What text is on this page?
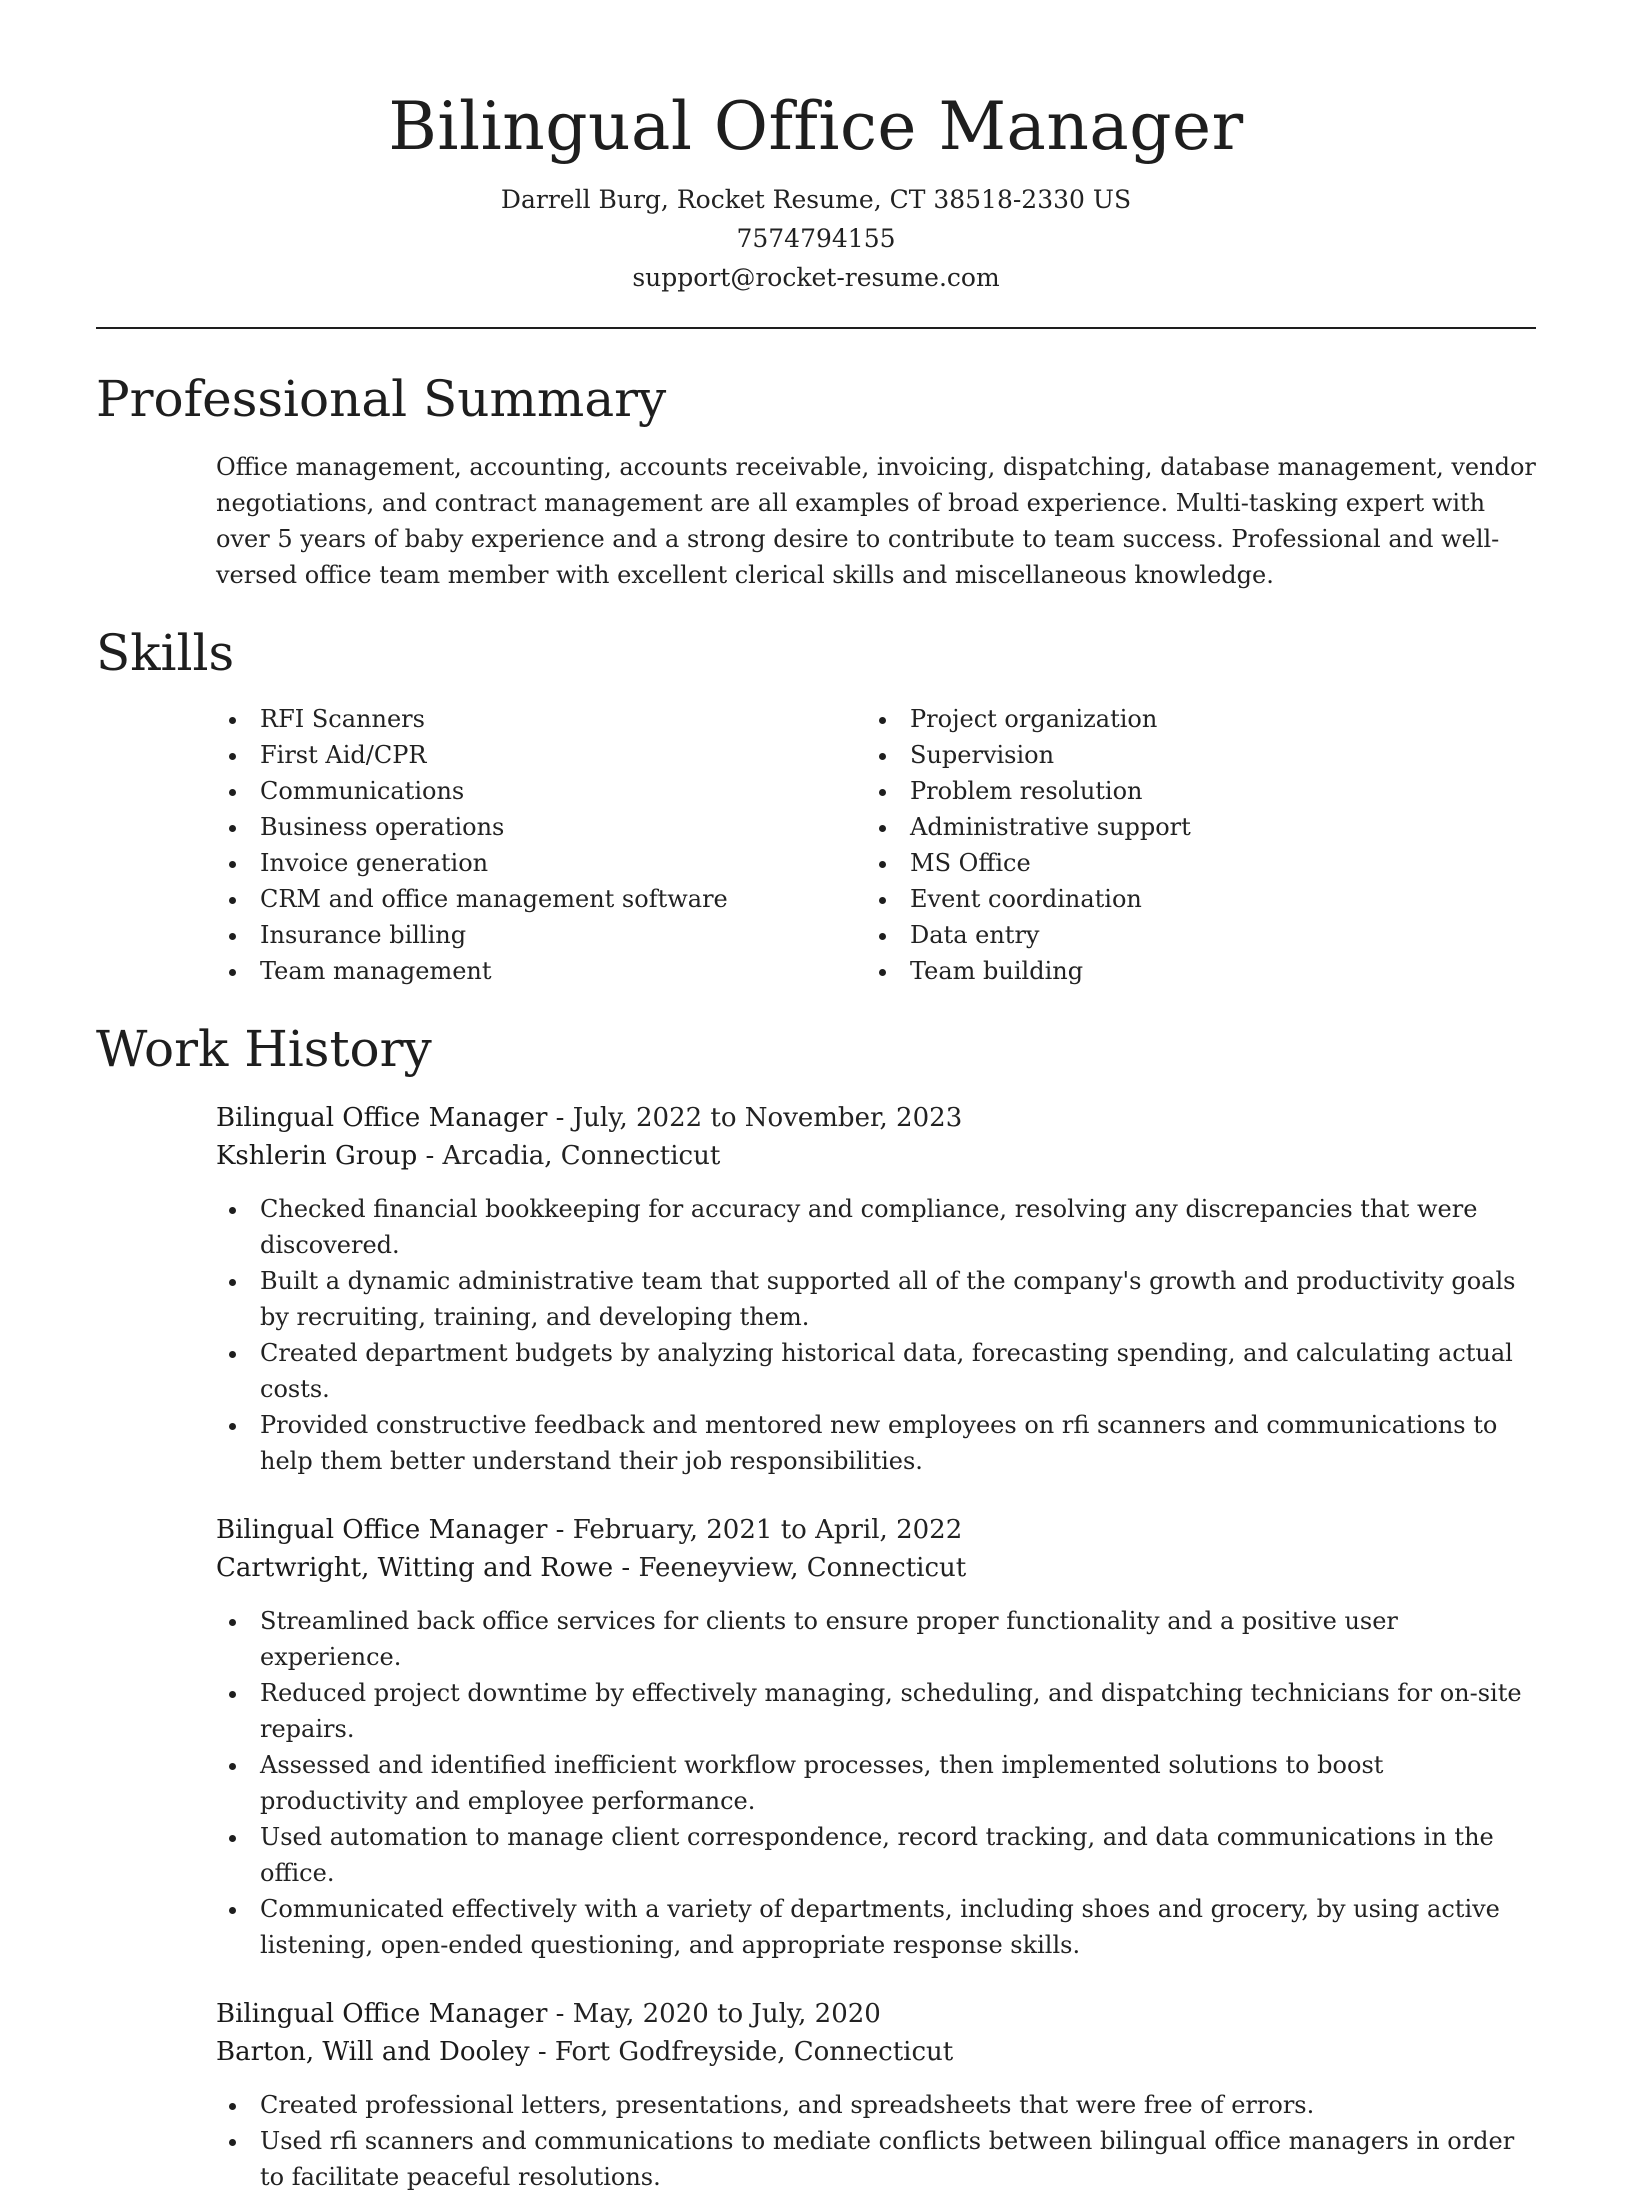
Bilingual Office Manager
Darrell Burg, Rocket Resume, CT 38518-2330 US
7574794155
support@rocket-resume.com
Professional Summary

Office management, accounting, accounts receivable, invoicing, dispatching, database management, vendor negotiations, and contract management are all examples of broad experience. Multi-tasking expert with over 5 years of baby experience and a strong desire to contribute to team success. Professional and well-versed office team member with excellent clerical skills and miscellaneous knowledge.

Skills
RFI Scanners
First Aid/CPR
Communications
Business operations
Invoice generation
CRM and office management software
Insurance billing
Team management
Project organization
Supervision
Problem resolution
Administrative support
MS Office
Event coordination
Data entry
Team building
Work History
Bilingual Office Manager - July, 2022 to November, 2023
Kshlerin Group - Arcadia, Connecticut
Checked financial bookkeeping for accuracy and compliance, resolving any discrepancies that were discovered.
Built a dynamic administrative team that supported all of the company's growth and productivity goals by recruiting, training, and developing them.
Created department budgets by analyzing historical data, forecasting spending, and calculating actual costs.
Provided constructive feedback and mentored new employees on rfi scanners and communications to help them better understand their job responsibilities.
Bilingual Office Manager - February, 2021 to April, 2022
Cartwright, Witting and Rowe - Feeneyview, Connecticut
Streamlined back office services for clients to ensure proper functionality and a positive user experience.
Reduced project downtime by effectively managing, scheduling, and dispatching technicians for on-site repairs.
Assessed and identified inefficient workflow processes, then implemented solutions to boost productivity and employee performance.
Used automation to manage client correspondence, record tracking, and data communications in the office.
Communicated effectively with a variety of departments, including shoes and grocery, by using active listening, open-ended questioning, and appropriate response skills.
Bilingual Office Manager - May, 2020 to July, 2020
Barton, Will and Dooley - Fort Godfreyside, Connecticut
Created professional letters, presentations, and spreadsheets that were free of errors.
Used rfi scanners and communications to mediate conflicts between bilingual office managers in order to facilitate peaceful resolutions.
